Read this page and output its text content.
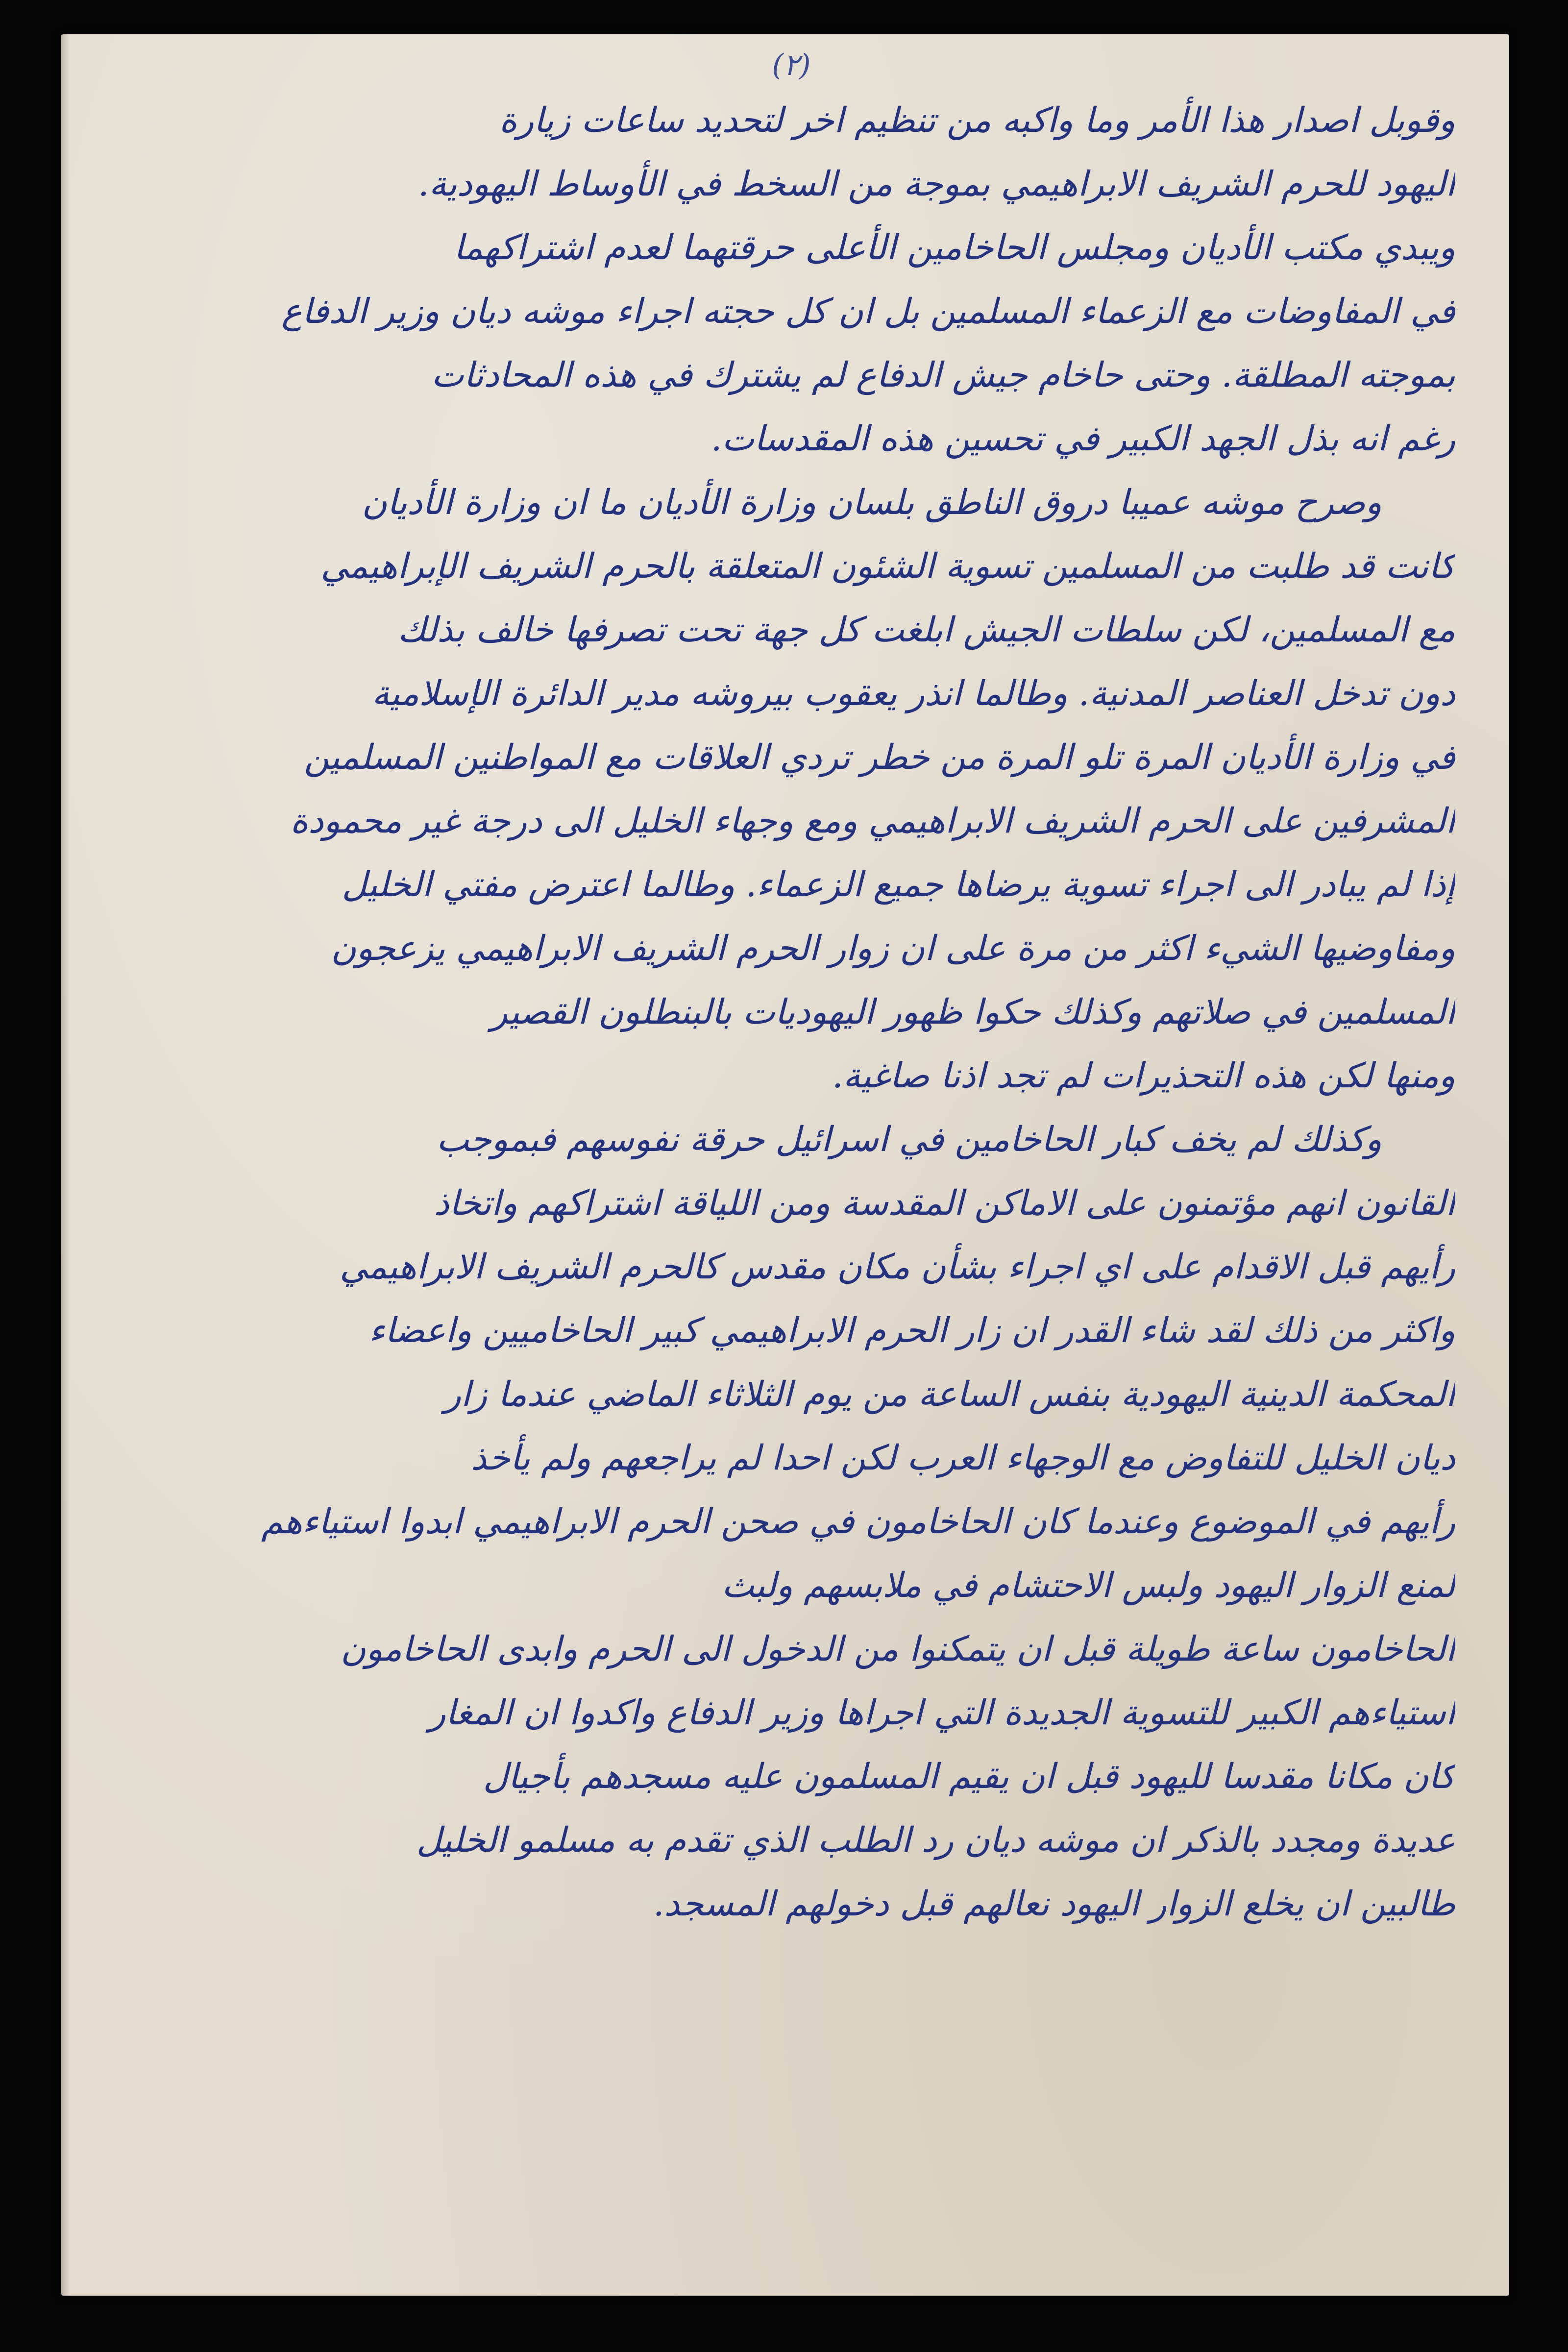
(٢)
وقوبل اصدار هذا الأمر وما واكبه من تنظيم اخر لتحديد ساعات زيارة
اليهود للحرم الشريف الابراهيمي بموجة من السخط في الأوساط اليهودية.
ويبدي مكتب الأديان ومجلس الحاخامين الأعلى حرقتهما لعدم اشتراكهما
في المفاوضات مع الزعماء المسلمين بل ان كل حجته اجراء موشه ديان وزير الدفاع
بموجته المطلقة. وحتى حاخام جيش الدفاع لم يشترك في هذه المحادثات
رغم انه بذل الجهد الكبير في تحسين هذه المقدسات.
وصرح موشه عميبا دروق الناطق بلسان وزارة الأديان ما ان وزارة الأديان
كانت قد طلبت من المسلمين تسوية الشئون المتعلقة بالحرم الشريف الإبراهيمي
مع المسلمين، لكن سلطات الجيش ابلغت كل جهة تحت تصرفها خالف بذلك
دون تدخل العناصر المدنية. وطالما انذر يعقوب بيروشه مدير الدائرة الإسلامية
في وزارة الأديان المرة تلو المرة من خطر تردي العلاقات مع المواطنين المسلمين
المشرفين على الحرم الشريف الابراهيمي ومع وجهاء الخليل الى درجة غير محمودة
إذا لم يبادر الى اجراء تسوية يرضاها جميع الزعماء. وطالما اعترض مفتي الخليل
ومفاوضيها الشيء اكثر من مرة على ان زوار الحرم الشريف الابراهيمي يزعجون
المسلمين في صلاتهم وكذلك حكوا ظهور اليهوديات بالبنطلون القصير
ومنها لكن هذه التحذيرات لم تجد اذنا صاغية.
وكذلك لم يخف كبار الحاخامين في اسرائيل حرقة نفوسهم فبموجب
القانون انهم مؤتمنون على الاماكن المقدسة ومن اللياقة اشتراكهم واتخاذ
رأيهم قبل الاقدام على اي اجراء بشأن مكان مقدس كالحرم الشريف الابراهيمي
واكثر من ذلك لقد شاء القدر ان زار الحرم الابراهيمي كبير الحاخاميين واعضاء
المحكمة الدينية اليهودية بنفس الساعة من يوم الثلاثاء الماضي عندما زار
ديان الخليل للتفاوض مع الوجهاء العرب لكن احدا لم يراجعهم ولم يأخذ
رأيهم في الموضوع وعندما كان الحاخامون في صحن الحرم الابراهيمي ابدوا استياءهم
لمنع الزوار اليهود ولبس الاحتشام في ملابسهم ولبث
الحاخامون ساعة طويلة قبل ان يتمكنوا من الدخول الى الحرم وابدى الحاخامون
استياءهم الكبير للتسوية الجديدة التي اجراها وزير الدفاع واكدوا ان المغار
كان مكانا مقدسا لليهود قبل ان يقيم المسلمون عليه مسجدهم بأجيال
عديدة ومجدد بالذكر ان موشه ديان رد الطلب الذي تقدم به مسلمو الخليل
طالبين ان يخلع الزوار اليهود نعالهم قبل دخولهم المسجد.
